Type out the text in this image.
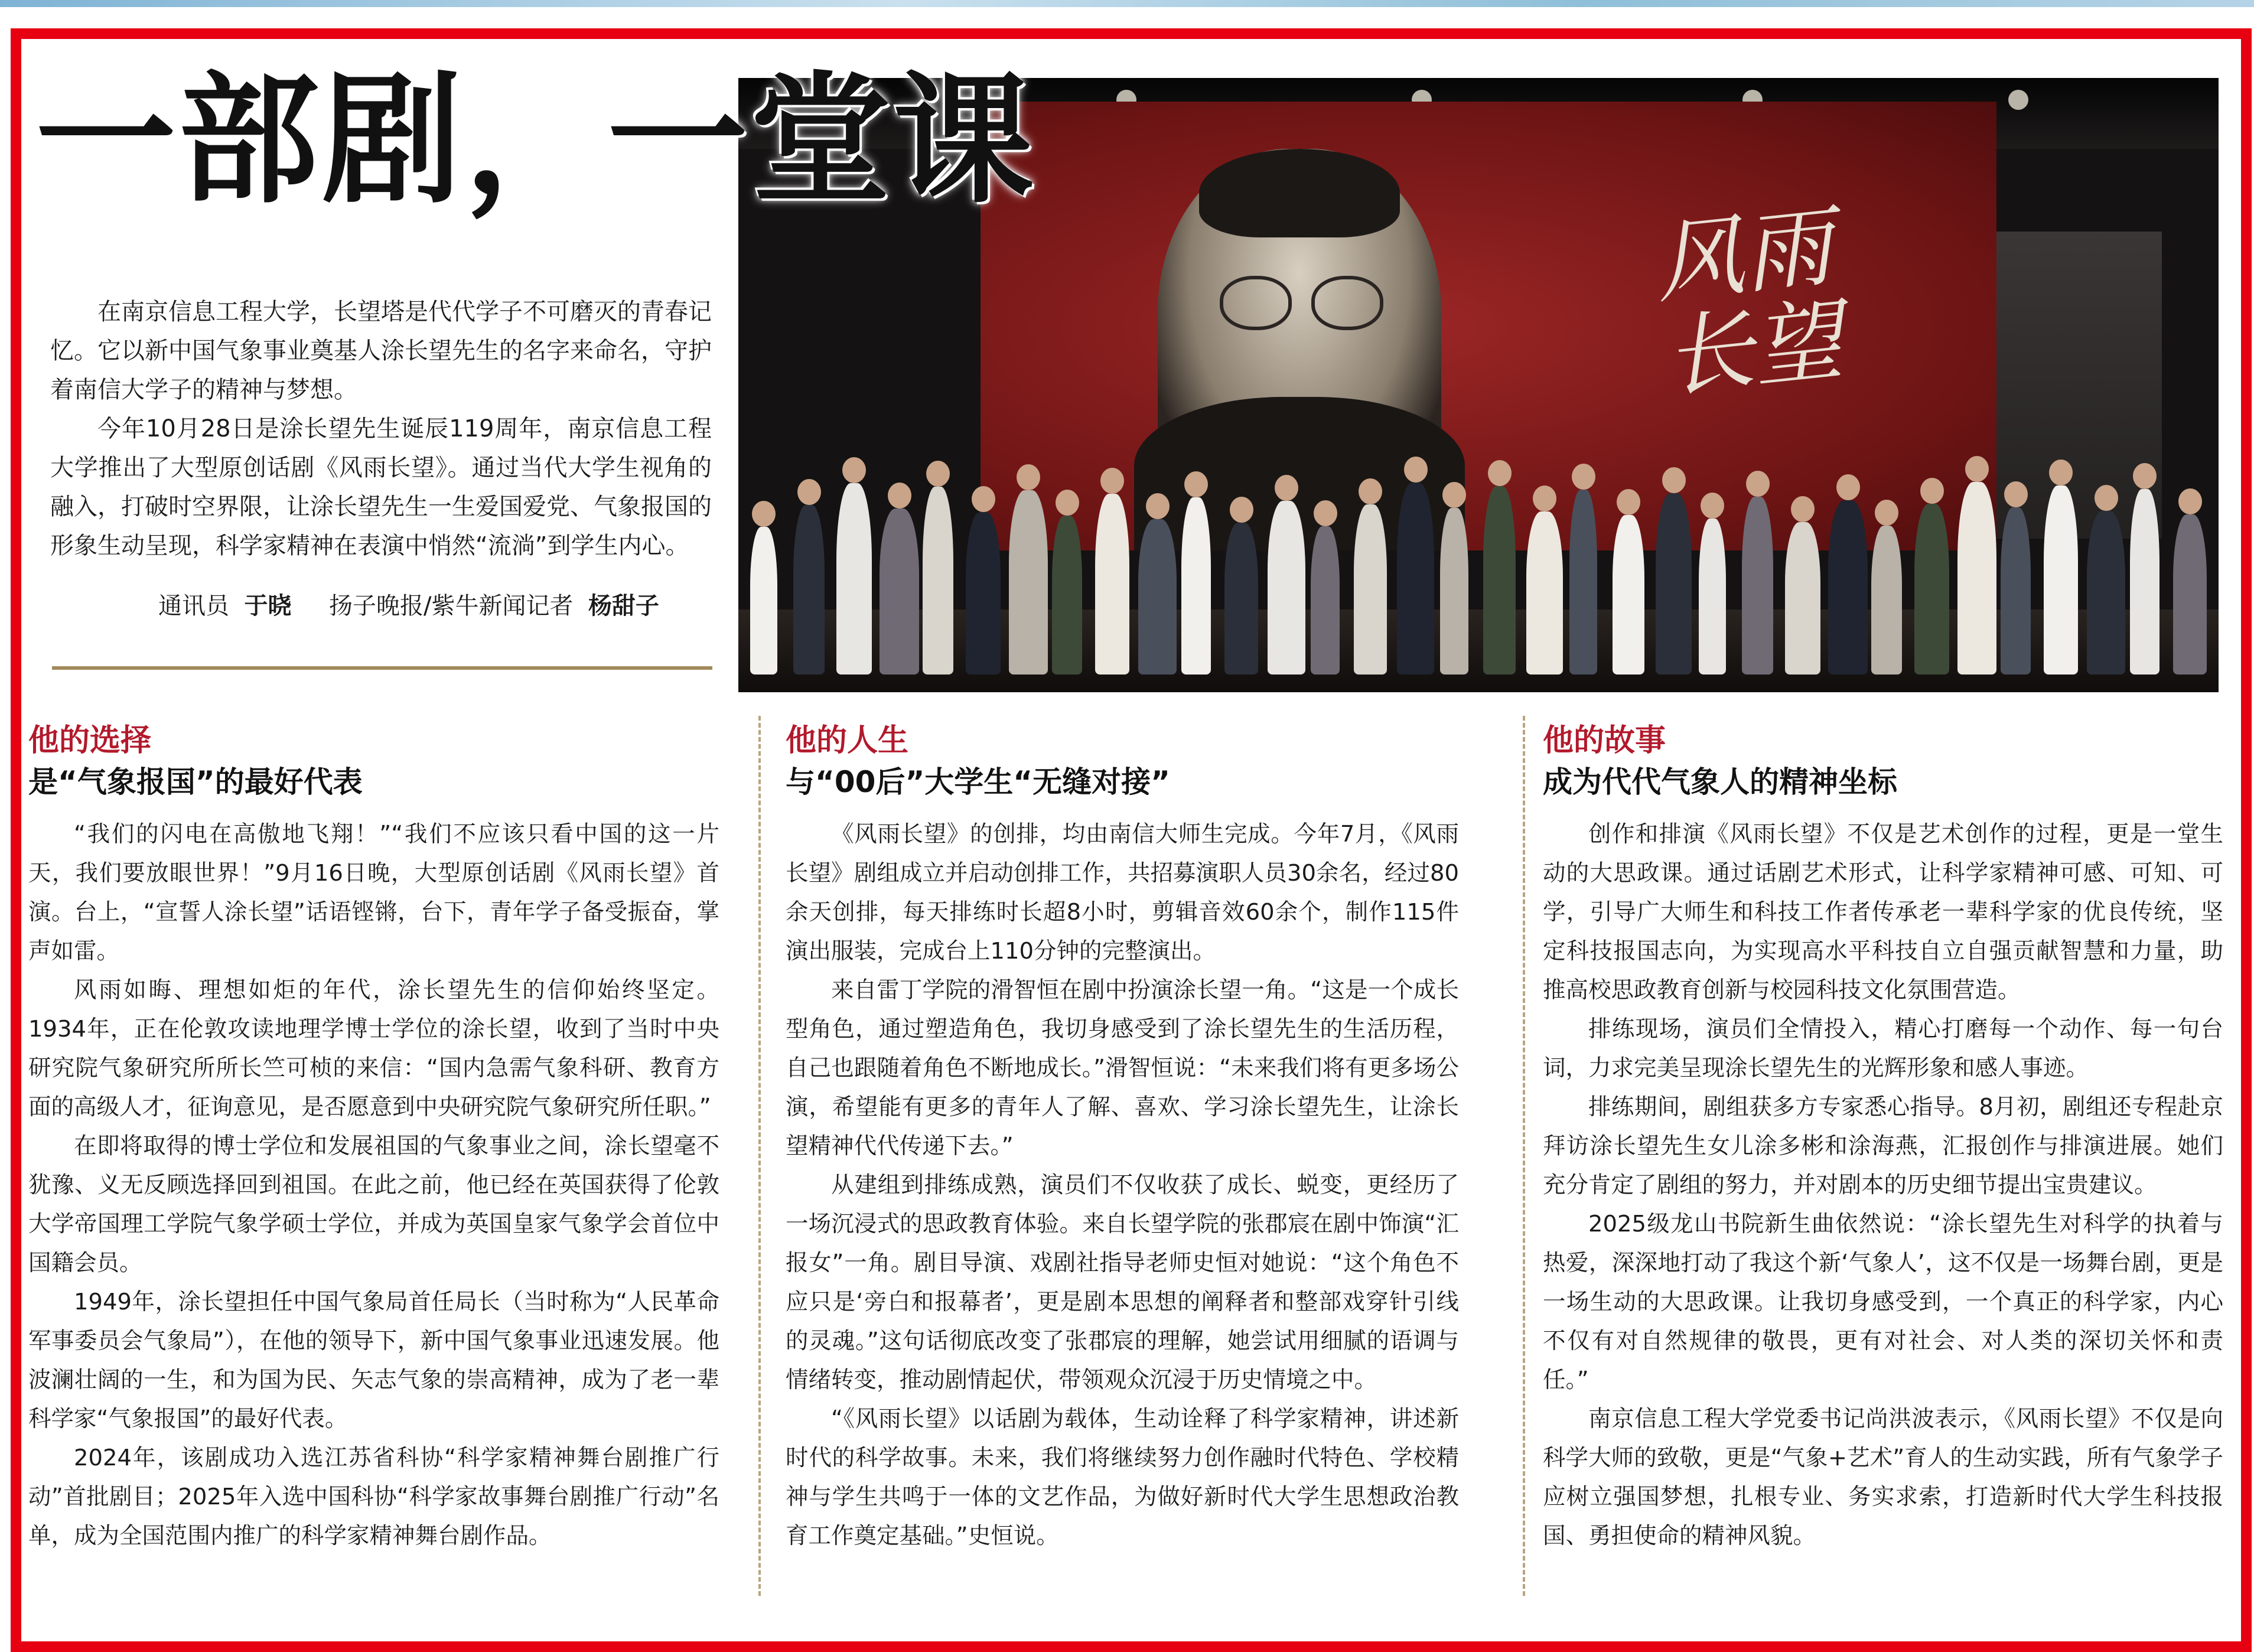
一部剧，一堂课
风雨长望

在南京信息工程大学，长望塔是代代学子不可磨灭的青春记忆。它以新中国气象事业奠基人涂长望先生的名字来命名，守护着南信大学子的精神与梦想。

今年10月28日是涂长望先生诞辰119周年，南京信息工程大学推出了大型原创话剧《风雨长望》。通过当代大学生视角的融入，打破时空界限，让涂长望先生一生爱国爱党、气象报国的形象生动呈现，科学家精神在表演中悄然“流淌”到学生内心。

通讯员 于晓 扬子晚报/紫牛新闻记者 杨甜子
他的选择
是“气象报国”的最好代表

“我们的闪电在高傲地飞翔！”“我们不应该只看中国的这一片天，我们要放眼世界！”9月16日晚，大型原创话剧《风雨长望》首演。台上，“宣誓人涂长望”话语铿锵，台下，青年学子备受振奋，掌声如雷。

风雨如晦、理想如炬的年代，涂长望先生的信仰始终坚定。1934年，正在伦敦攻读地理学博士学位的涂长望，收到了当时中央研究院气象研究所所长竺可桢的来信：“国内急需气象科研、教育方面的高级人才，征询意见，是否愿意到中央研究院气象研究所任职。”

在即将取得的博士学位和发展祖国的气象事业之间，涂长望毫不犹豫、义无反顾选择回到祖国。在此之前，他已经在英国获得了伦敦大学帝国理工学院气象学硕士学位，并成为英国皇家气象学会首位中国籍会员。

1949年，涂长望担任中国气象局首任局长（当时称为“人民革命军事委员会气象局”），在他的领导下，新中国气象事业迅速发展。他波澜壮阔的一生，和为国为民、矢志气象的崇高精神，成为了老一辈科学家“气象报国”的最好代表。

2024年，该剧成功入选江苏省科协“科学家精神舞台剧推广行动”首批剧目；2025年入选中国科协“科学家故事舞台剧推广行动”名单，成为全国范围内推广的科学家精神舞台剧作品。

他的人生
与“00后”大学生“无缝对接”

《风雨长望》的创排，均由南信大师生完成。今年7月，《风雨长望》剧组成立并启动创排工作，共招募演职人员30余名，经过80余天创排，每天排练时长超8小时，剪辑音效60余个，制作115件演出服装，完成台上110分钟的完整演出。

来自雷丁学院的滑智恒在剧中扮演涂长望一角。“这是一个成长型角色，通过塑造角色，我切身感受到了涂长望先生的生活历程，自己也跟随着角色不断地成长。”滑智恒说：“未来我们将有更多场公演，希望能有更多的青年人了解、喜欢、学习涂长望先生，让涂长望精神代代传递下去。”

从建组到排练成熟，演员们不仅收获了成长、蜕变，更经历了一场沉浸式的思政教育体验。来自长望学院的张郡宸在剧中饰演“汇报女”一角。剧目导演、戏剧社指导老师史恒对她说：“这个角色不应只是‘旁白和报幕者’，更是剧本思想的阐释者和整部戏穿针引线的灵魂。”这句话彻底改变了张郡宸的理解，她尝试用细腻的语调与情绪转变，推动剧情起伏，带领观众沉浸于历史情境之中。

“《风雨长望》以话剧为载体，生动诠释了科学家精神，讲述新时代的科学故事。未来，我们将继续努力创作融时代特色、学校精神与学生共鸣于一体的文艺作品，为做好新时代大学生思想政治教育工作奠定基础。”史恒说。

他的故事
成为代代气象人的精神坐标

创作和排演《风雨长望》不仅是艺术创作的过程，更是一堂生动的大思政课。通过话剧艺术形式，让科学家精神可感、可知、可学，引导广大师生和科技工作者传承老一辈科学家的优良传统，坚定科技报国志向，为实现高水平科技自立自强贡献智慧和力量，助推高校思政教育创新与校园科技文化氛围营造。

排练现场，演员们全情投入，精心打磨每一个动作、每一句台词，力求完美呈现涂长望先生的光辉形象和感人事迹。

排练期间，剧组获多方专家悉心指导。8月初，剧组还专程赴京拜访涂长望先生女儿涂多彬和涂海燕，汇报创作与排演进展。她们充分肯定了剧组的努力，并对剧本的历史细节提出宝贵建议。

2025级龙山书院新生曲依然说：“涂长望先生对科学的执着与热爱，深深地打动了我这个新‘气象人’，这不仅是一场舞台剧，更是一场生动的大思政课。让我切身感受到，一个真正的科学家，内心不仅有对自然规律的敬畏，更有对社会、对人类的深切关怀和责任。”

南京信息工程大学党委书记尚洪波表示，《风雨长望》不仅是向科学大师的致敬，更是“气象+艺术”育人的生动实践，所有气象学子应树立强国梦想，扎根专业、务实求索，打造新时代大学生科技报国、勇担使命的精神风貌。
